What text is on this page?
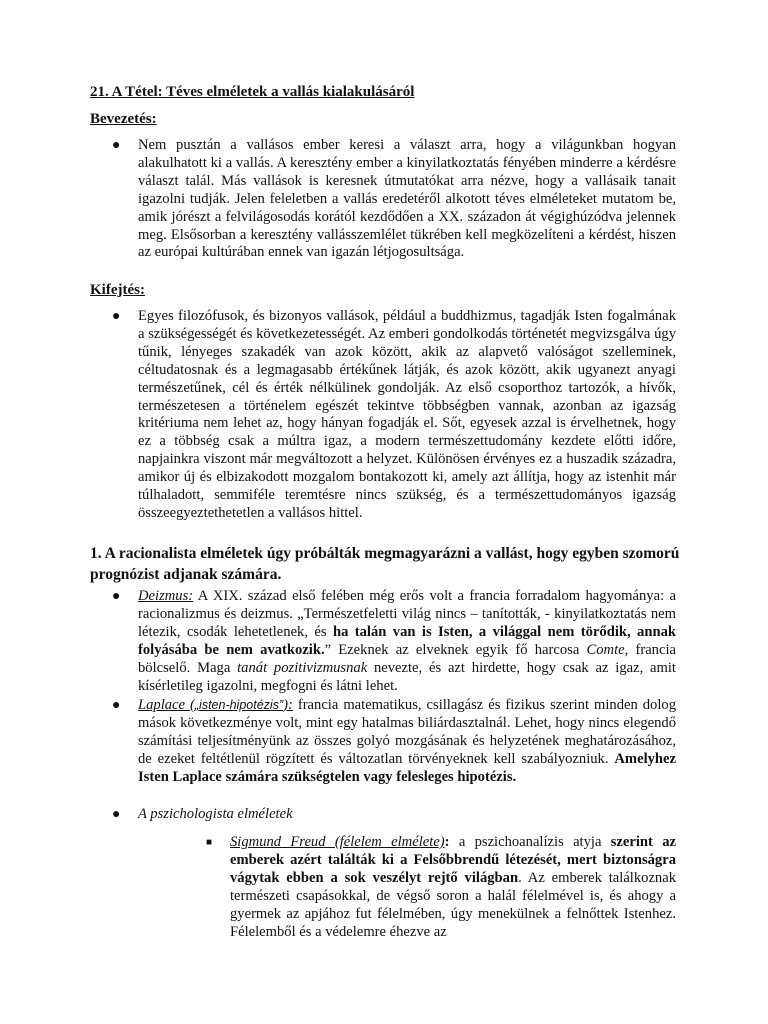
21. A Tétel: Téves elméletek a vallás kialakulásáról
Bevezetés:
● Nem pusztán a vallásos ember keresi a választ arra, hogy a világunkban hogyan alakulhatott ki a vallás. A keresztény ember a kinyilatkoztatás fényében minderre a kérdésre választ talál. Más vallások is keresnek útmutatókat arra nézve, hogy a vallásaik tanait igazolni tudják. Jelen feleletben a vallás eredetéről alkotott téves elméleteket mutatom be, amik jórészt a felvilágosodás korától kezdődően a XX. századon át végighúzódva jelennek meg. Elsősorban a keresztény vallásszemlélet tükrében kell megközelíteni a kérdést, hiszen az európai kultúrában ennek van igazán létjogosultsága.

Kifejtés:
● Egyes filozófusok, és bizonyos vallások, például a buddhizmus, tagadják Isten fogalmának a szükségességét és következetességét. Az emberi gondolkodás történetét megvizsgálva úgy tűnik, lényeges szakadék van azok között, akik az alapvető valóságot szelleminek, céltudatosnak és a legmagasabb értékűnek látják, és azok között, akik ugyanezt anyagi természetűnek, cél és érték nélkülinek gondolják. Az első csoporthoz tartozók, a hívők, természetesen a történelem egészét tekintve többségben vannak, azonban az igazság kritériuma nem lehet az, hogy hányan fogadják el. Sőt, egyesek azzal is érvelhetnek, hogy ez a többség csak a múltra igaz, a modern természettudomány kezdete előtti időre, napjainkra viszont már megváltozott a helyzet. Különösen érvényes ez a huszadik századra, amikor új és elbizakodott mozgalom bontakozott ki, amely azt állítja, hogy az istenhit már túlhaladott, semmiféle teremtésre nincs szükség, és a természettudományos igazság összeegyeztethetetlen a vallásos hittel.

1. A racionalista elméletek úgy próbálták megmagyarázni a vallást, hogy egyben szomorú prognózist adjanak számára.
● Deizmus: A XIX. század első felében még erős volt a francia forradalom hagyománya: a racionalizmus és deizmus. „Természetfeletti világ nincs – tanították, - kinyilatkoztatás nem létezik, csodák lehetetlenek, és ha talán van is Isten, a világgal nem törődik, annak folyásába be nem avatkozik.” Ezeknek az elveknek egyik fő harcosa Comte, francia bölcselő. Maga tanát pozitivizmusnak nevezte, és azt hirdette, hogy csak az igaz, amit kísérletileg igazolni, megfogni és látni lehet.

● Laplace („isten-hipotézis”): francia matematikus, csillagász és fizikus szerint minden dolog mások következménye volt, mint egy hatalmas biliárdasztalnál. Lehet, hogy nincs elegendő számítási teljesítményünk az összes golyó mozgásának és helyzetének meghatározásához, de ezeket feltétlenül rögzített és változatlan törvényeknek kell szabályozniuk. Amelyhez Isten Laplace számára szükségtelen vagy felesleges hipotézis.

● A pszichologista elméletek

■ Sigmund Freud (félelem elmélete): a pszichoanalízis atyja szerint az emberek azért találták ki a Felsőbbrendű létezését, mert biztonságra vágytak ebben a sok veszélyt rejtő világban. Az emberek találkoznak természeti csapásokkal, de végső soron a halál félelmével is, és ahogy a gyermek az apjához fut félelmében, úgy menekülnek a felnőttek Istenhez. Félelemből és a védelemre éhezve az
